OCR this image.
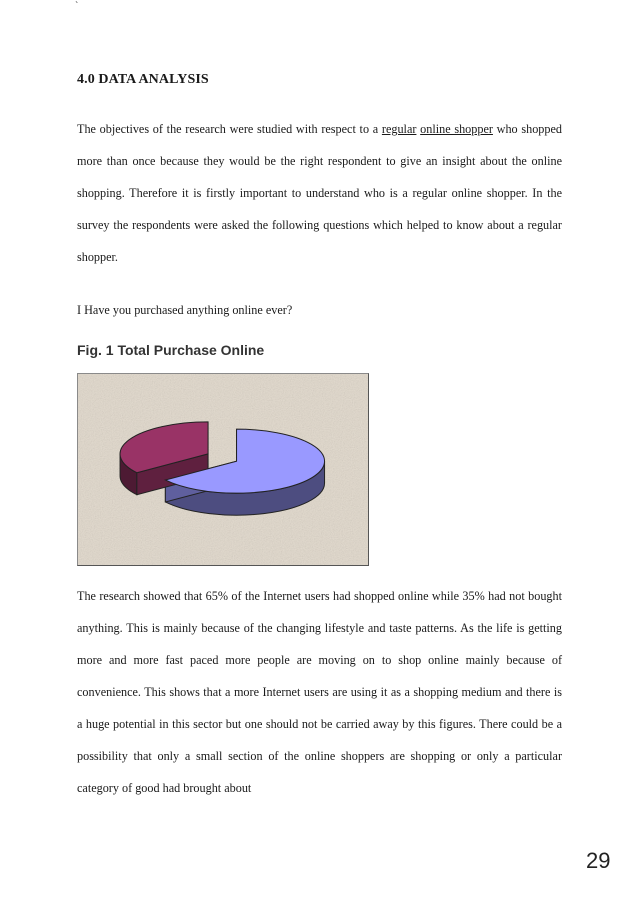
`
4.0 DATA ANALYSIS

The objectives of the research were studied with respect to a regular online shopper who shopped more than once because they would be the right respondent to give an insight about the online shopping. Therefore it is firstly important to understand who is a regular online shopper. In the survey the respondents were asked the following questions which helped to know about a regular shopper.

I Have you purchased anything online ever?
Fig. 1 Total Purchase Online

The research showed that 65% of the Internet users had shopped online while 35% had not bought anything. This is mainly because of the changing lifestyle and taste patterns. As the life is getting more and more fast paced more people are moving on to shop online mainly because of convenience. This shows that a more Internet users are using it as a shopping medium and there is a huge potential in this sector but one should not be carried away by this figures. There could be a possibility that only a small section of the online shoppers are shopping or only a particular category of good had brought about

29
